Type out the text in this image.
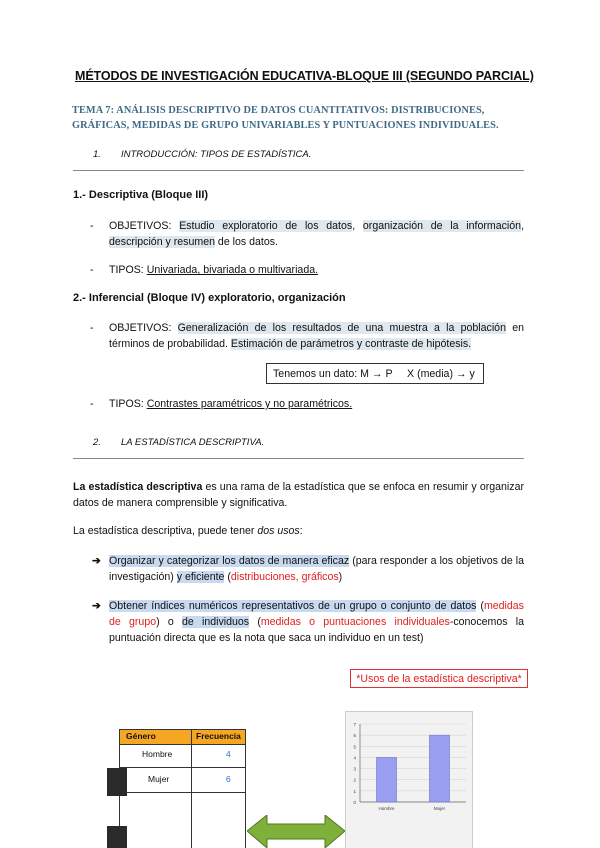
MÉTODOS DE INVESTIGACIÓN EDUCATIVA-BLOQUE III (SEGUNDO PARCIAL)
TEMA 7: ANÁLISIS DESCRIPTIVO DE DATOS CUANTITATIVOS: DISTRIBUCIONES, GRÁFICAS, MEDIDAS DE GRUPO UNIVARIABLES Y PUNTUACIONES INDIVIDUALES.
1. INTRODUCCIÓN: TIPOS DE ESTADÍSTICA.
1.- Descriptiva (Bloque III)
- OBJETIVOS: Estudio exploratorio de los datos, organización de la información, descripción y resumen de los datos.
- TIPOS: Univariada, bivariada o multivariada.
2.- Inferencial (Bloque IV) exploratorio, organización
- OBJETIVOS: Generalización de los resultados de una muestra a la población en términos de probabilidad. Estimación de parámetros y contraste de hipótesis.
Tenemos un dato: M → P     X (media) → y
- TIPOS: Contrastes paramétricos y no paramétricos.
2. LA ESTADÍSTICA DESCRIPTIVA.
La estadística descriptiva es una rama de la estadística que se enfoca en resumir y organizar datos de manera comprensible y significativa.
La estadística descriptiva, puede tener dos usos:
➔ Organizar y categorizar los datos de manera eficaz (para responder a los objetivos de la investigación) y eficiente (distribuciones, gráficos)
➔ Obtener índices numéricos representativos de un grupo o conjunto de datos (medidas de grupo) o de individuos (medidas o puntuaciones individuales-conocemos la puntuación directa que es la nota que saca un individuo en un test)
*Usos de la estadística descriptiva*
Género	Frecuencia
Hombre	4
Mujer	6
0
1
2
3
4
5
6
7
Hombre	Mujer
